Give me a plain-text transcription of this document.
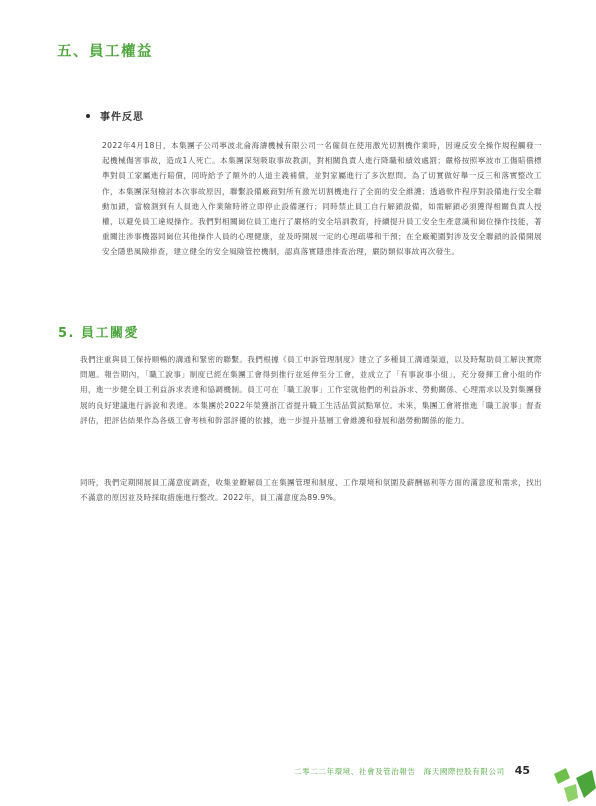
五、員工權益
事件反思
2022年4月18日，本集團子公司寧波北侖海濤機械有限公司一名僱員在使用激光切割機作業時，因違反安全操作規程觸發一起機械傷害事故，造成1人死亡。本集團深刻吸取事故教訓，對相關負責人進行降職和績效處罰；嚴格按照寧波市工傷賠償標準對員工家屬進行賠償，同時給予了額外的人道主義補償，並對家屬進行了多次慰問。為了切實做好舉一反三和落實整改工作，本集團深刻檢討本次事故原因，聯繫設備廠商對所有激光切割機進行了全面的安全維護；透過軟件程序對設備進行安全聯動加鎖，當檢測到有人員進入作業險時將立即停止設備運行；同時禁止員工自行解鎖設備，如需解鎖必須獲得相關負責人授權，以避免員工違規操作。我們對相關崗位員工進行了嚴格的安全培訓教育，持續提升員工安全生產意識和崗位操作技能，著重關注涉事機器同崗位其他操作人員的心理健康，並及時開展一定的心理疏導和干預；在全廠範圍對涉及安全聯鎖的設備開展安全隱患風險排查，建立健全的安全風險管控機制，認真落實隱患排查治理，嚴防類似事故再次發生。
5. 員工關愛
我們注重與員工保持順暢的溝通和緊密的聯繫。我們根據《員工申訴管理制度》建立了多種員工溝通渠道，以及時幫助員工解決實際問題。報告期內，「職工說事」制度已經在集團工會得到推行並延伸至分工會，並成立了「有事說事小組」，充分發揮工會小組的作用，進一步健全員工利益訴求表達和協調機制。員工可在「職工說事」工作室就他們的利益訴求、勞動關係、心理需求以及對集團發展的良好建議進行訴說和表達。本集團於2022年榮獲浙江省提升職工生活品質試點單位。未來，集團工會將推進「職工說事」督查評估，把評估結果作為各級工會考核和幹部評優的依據，進一步提升基層工會維護和發展和諧勞動關係的能力。
同時，我們定期開展員工滿意度調查，收集並瞭解員工在集團管理和制度、工作環境和氛圍及薪酬福利等方面的滿意度和需求，找出不滿意的原因並及時採取措施進行整改。2022年，員工滿意度為89.9%。
二零二二年環境、社會及管治報告　海天國際控股有限公司 45
